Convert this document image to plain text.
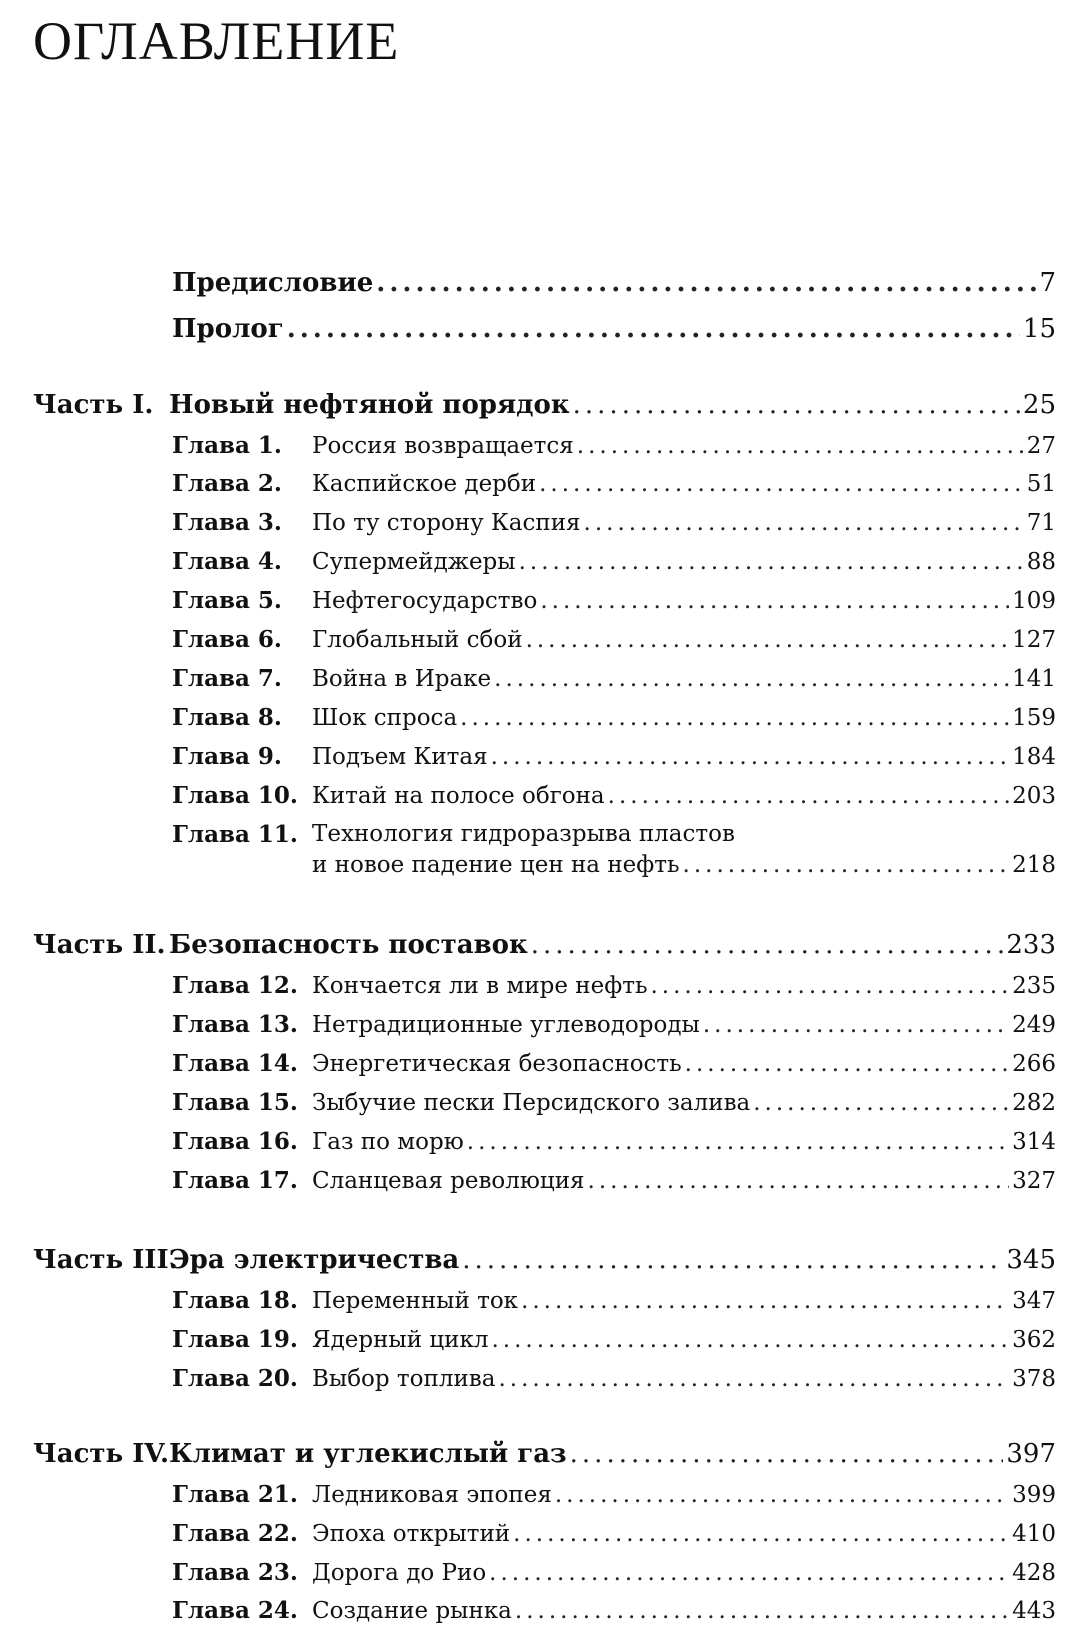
ОГЛАВЛЕНИЕ
Предисловие .....	7
Пролог .....	15
Часть I. Новый нефтяной порядок .....	25
Глава 1. Россия возвращается .....	27
Глава 2. Каспийское дерби .....	51
Глава 3. По ту сторону Каспия .....	71
Глава 4. Супермейджеры .....	88
Глава 5. Нефтегосударство .....	109
Глава 6. Глобальный сбой .....	127
Глава 7. Война в Ираке .....	141
Глава 8. Шок спроса .....	159
Глава 9. Подъем Китая .....	184
Глава 10. Китай на полосе обгона .....	203
Глава 11. Технология гидроразрыва пластов
и новое падение цен на нефть .....	218
Часть II. Безопасность поставок .....	233
Глава 12. Кончается ли в мире нефть .....	235
Глава 13. Нетрадиционные углеводороды .....	249
Глава 14. Энергетическая безопасность .....	266
Глава 15. Зыбучие пески Персидского залива .....	282
Глава 16. Газ по морю .....	314
Глава 17. Сланцевая революция .....	327
Часть III.Эра электричества .....	345
Глава 18. Переменный ток .....	347
Глава 19. Ядерный цикл .....	362
Глава 20. Выбор топлива .....	378
Часть IV.Климат и углекислый газ .....	397
Глава 21. Ледниковая эпопея .....	399
Глава 22. Эпоха открытий .....	410
Глава 23. Дорога до Рио .....	428
Глава 24. Создание рынка .....	443
